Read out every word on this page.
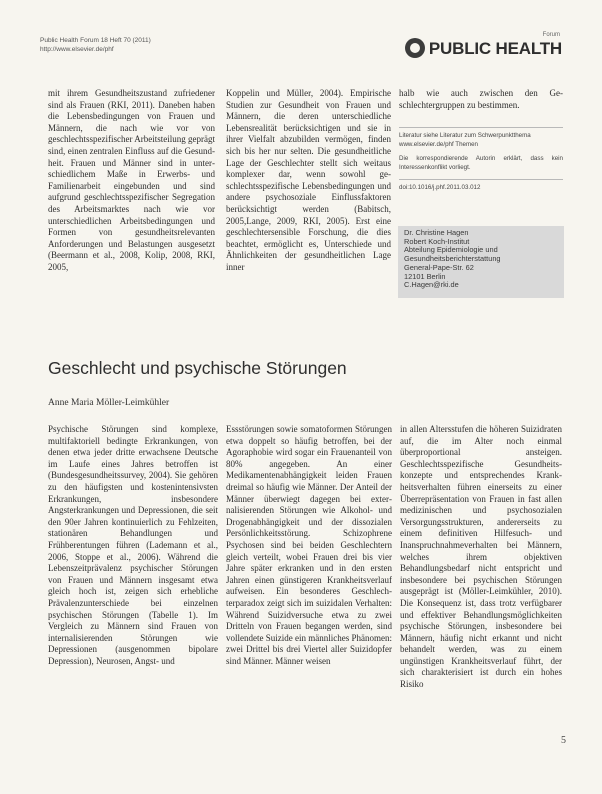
Public Health Forum 18 Heft 70 (2011)
http://www.elsevier.de/phf
Forum
PUBLIC HEALTH

mit ihrem Gesundheitszustand zufriedener sind als Frauen (RKI, 2011). Daneben haben die Lebensbedingungen von Frauen und Männern, die nach wie vor von geschlechtsspezifischer Arbeitsteilung geprägt sind, einen zentralen Einfluss auf die Gesundheit. Frauen und Männer sind in unterschiedlichem Maße in Erwerbs- und Familienarbeit eingebunden und sind aufgrund geschlechtsspezifischer Segregation des Arbeitsmarktes nach wie vor unterschiedlichen Arbeitsbedingungen und Formen von gesundheitsrelevanten Anforderungen und Belastungen ausgesetzt (Beermann et al., 2008, Kolip, 2008, RKI, 2005,

Koppelin und Müller, 2004). Empirische Studien zur Gesundheit von Frauen und Männern, die deren unterschiedliche Lebensrealität berücksichtigen und sie in ihrer Vielfalt abzubilden vermögen, finden sich bis her nur selten. Die gesundheitliche Lage der Geschlechter stellt sich weitaus komplexer dar, wenn sowohl geschlechtsspezifische Lebensbedingungen und andere psychosoziale Einflussfaktoren berücksichtigt werden (Babitsch, 2005,Lange, 2009, RKI, 2005). Erst eine geschlechtersensible Forschung, die dies beachtet, ermöglicht es, Unterschiede und Ähnlichkeiten der gesundheitlichen Lage inner

halb wie auch zwischen den Geschlechtergruppen zu bestimmen.

Literatur siehe Literatur zum Schwerpunktthema
www.elsevier.de/phf Themen
Die korrespondierende Autorin erklärt, dass kein Interessenkonflikt vorliegt.
doi:10.1016/j.phf.2011.03.012
Dr. Christine Hagen
Robert Koch-Institut
Abteilung Epidemiologie und
Gesundheitsberichterstattung
General-Pape-Str. 62
12101 Berlin
C.Hagen@rki.de
Geschlecht und psychische Störungen
Anne Maria Möller-Leimkühler

Psychische Störungen sind komplexe, multifaktoriell bedingte Erkrankungen, von denen etwa jeder dritte erwachsene Deutsche im Laufe eines Jahres betroffen ist (Bundesgesundheitssurvey, 2004). Sie gehören zu den häufigsten und kostenintensivsten Erkrankungen, insbesondere Angsterkrankungen und Depressionen, die seit den 90er Jahren kontinuierlich zu Fehlzeiten, stationären Behandlungen und Frühberentungen führen (Lademann et al., 2006, Stoppe et al., 2006). Während die Lebenszeitprävalenz psychischer Störungen von Frauen und Männern insgesamt etwa gleich hoch ist, zeigen sich erhebliche Prävalenzunterschiede bei einzelnen psychischen Störungen (Tabelle 1). Im Vergleich zu Männern sind Frauen von internalisierenden Störungen wie Depressionen (ausgenommen bipolare Depression), Neurosen, Angst- und

Essstörungen sowie somatoformen Störungen etwa doppelt so häufig betroffen, bei der Agoraphobie wird sogar ein Frauenanteil von 80% angegeben. An einer Medikamentenabhängigkeit leiden Frauen dreimal so häufig wie Männer. Der Anteil der Männer überwiegt dagegen bei externalisierenden Störungen wie Alkohol- und Drogenabhängigkeit und der dissozialen Persönlichkeitsstörung. Schizophrene Psychosen sind bei beiden Geschlechtern gleich verteilt, wobei Frauen drei bis vier Jahre später erkranken und in den ersten Jahren einen günstigeren Krankheitsverlauf aufweisen. Ein besonderes Geschlechterparadox zeigt sich im suizidalen Verhalten: Während Suizidversuche etwa zu zwei Dritteln von Frauen begangen werden, sind vollendete Suizide ein männliches Phänomen: zwei Drittel bis drei Viertel aller Suizidopfer sind Männer. Männer weisen

in allen Altersstufen die höheren Suizidraten auf, die im Alter noch einmal überproportional ansteigen. Geschlechtsspezifische Gesundheitskonzepte und entsprechendes Krankheitsverhalten führen einerseits zu einer Überrepräsentation von Frauen in fast allen medizinischen und psychosozialen Versorgungsstrukturen, andererseits zu einem definitiven Hilfesuch- und Inanspruchnahmeverhalten bei Männern, welches ihrem objektiven Behandlungsbedarf nicht entspricht und insbesondere bei psychischen Störungen ausgeprägt ist (Möller-Leimkühler, 2010). Die Konsequenz ist, dass trotz verfügbarer und effektiver Behandlungsmöglichkeiten psychische Störungen, insbesondere bei Männern, häufig nicht erkannt und nicht behandelt werden, was zu einem ungünstigen Krankheitsverlauf führt, der sich charakterisiert ist durch ein hohes Risiko

5
